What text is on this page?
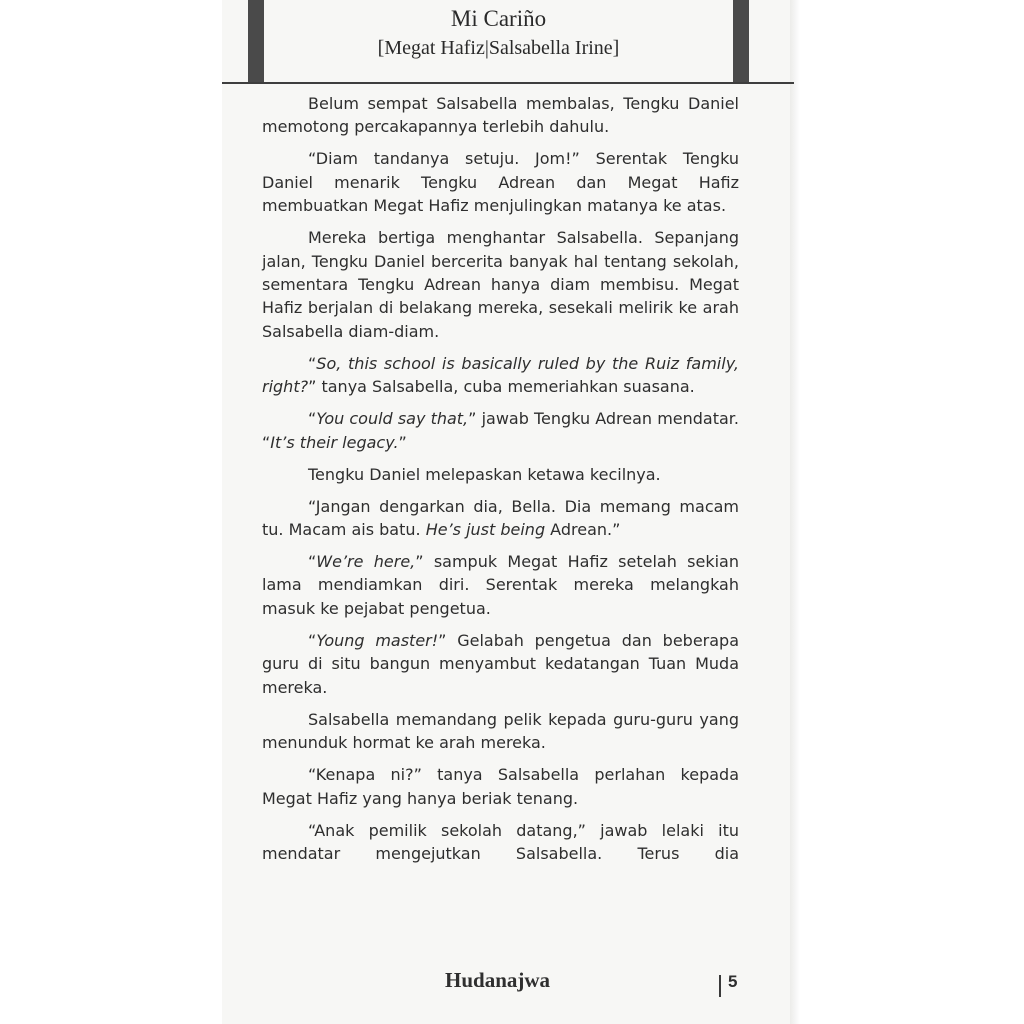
Mi Cariño
[Megat Hafiz|Salsabella Irine]

Belum sempat Salsabella membalas, Tengku Daniel memotong percakapannya terlebih dahulu.

“Diam tandanya setuju. Jom!” Serentak Tengku Daniel menarik Tengku Adrean dan Megat Hafiz membuatkan Megat Hafiz menjulingkan matanya ke atas.

Mereka bertiga menghantar Salsabella. Sepanjang jalan, Tengku Daniel bercerita banyak hal tentang sekolah, sementara Tengku Adrean hanya diam membisu. Megat Hafiz berjalan di belakang mereka, sesekali melirik ke arah Salsabella diam-diam.

“So, this school is basically ruled by the Ruiz family, right?” tanya Salsabella, cuba memeriahkan suasana.

“You could say that,” jawab Tengku Adrean mendatar. “It’s their legacy.”

Tengku Daniel melepaskan ketawa kecilnya.

“Jangan dengarkan dia, Bella. Dia memang macam tu. Macam ais batu. He’s just being Adrean.”

“We’re here,” sampuk Megat Hafiz setelah sekian lama mendiamkan diri. Serentak mereka melangkah masuk ke pejabat pengetua.

“Young master!” Gelabah pengetua dan beberapa guru di situ bangun menyambut kedatangan Tuan Muda mereka.

Salsabella memandang pelik kepada guru-guru yang menunduk hormat ke arah mereka.

“Kenapa ni?” tanya Salsabella perlahan kepada Megat Hafiz yang hanya beriak tenang.

“Anak pemilik sekolah datang,” jawab lelaki itu mendatar mengejutkan Salsabella. Terus dia

Hudanajwa	5
